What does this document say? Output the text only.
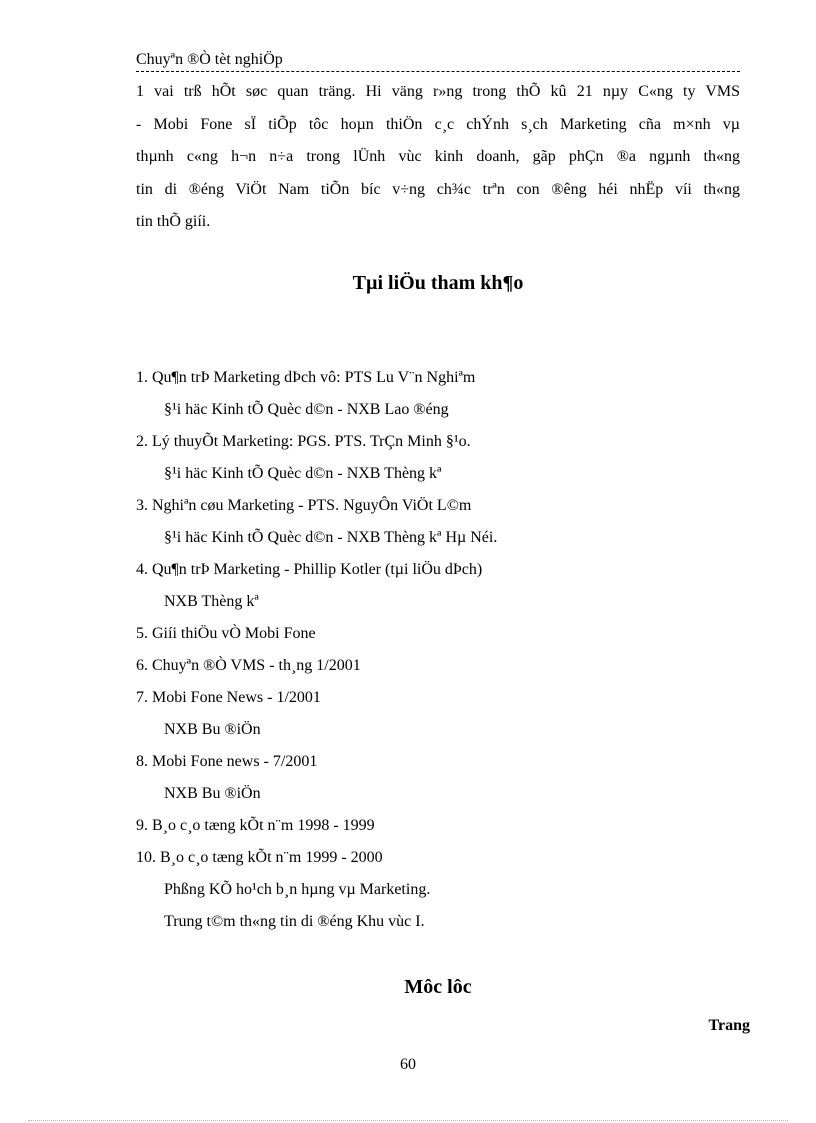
Chuyªn ®Ò tèt nghiÖp
1 vai trß hÕt søc quan träng. Hi väng r»ng trong thÕ kû 21 nµy C«ng ty VMS
- Mobi Fone sÏ tiÕp tôc hoµn thiÖn c¸c chÝnh s¸ch Marketing cña m×nh vµ
thµnh c«ng h¬n n÷a trong lÜnh vùc kinh doanh, gãp phÇn ®a ngµnh th«ng
tin di ®éng ViÖt Nam tiÕn bíc v÷ng ch¾c trªn con ®êng héi nhËp víi th«ng
tin thÕ giíi.
Tµi liÖu tham kh¶o
1. Qu¶n trÞ Marketing dÞch vô: PTS Lu V¨n Nghiªm
§¹i häc Kinh tÕ Quèc d©n - NXB Lao ®éng
2. Lý thuyÕt Marketing: PGS. PTS. TrÇn Minh §¹o.
§¹i häc Kinh tÕ Quèc d©n - NXB Thèng kª
3. Nghiªn cøu Marketing - PTS. NguyÔn ViÖt L©m
§¹i häc Kinh tÕ Quèc d©n - NXB Thèng kª Hµ Néi.
4. Qu¶n trÞ Marketing - Phillip Kotler (tµi liÖu dÞch)
NXB Thèng kª
5. Giíi thiÖu vÒ Mobi Fone
6. Chuyªn ®Ò VMS - th¸ng 1/2001
7. Mobi Fone News - 1/2001
NXB Bu ®iÖn
8. Mobi Fone news - 7/2001
NXB Bu ®iÖn
9. B¸o c¸o tæng kÕt n¨m 1998 - 1999
10. B¸o c¸o tæng kÕt n¨m 1999 - 2000
Phßng KÕ ho¹ch b¸n hµng vµ Marketing.
Trung t©m th«ng tin di ®éng Khu vùc I.
Môc lôc
Trang
60
